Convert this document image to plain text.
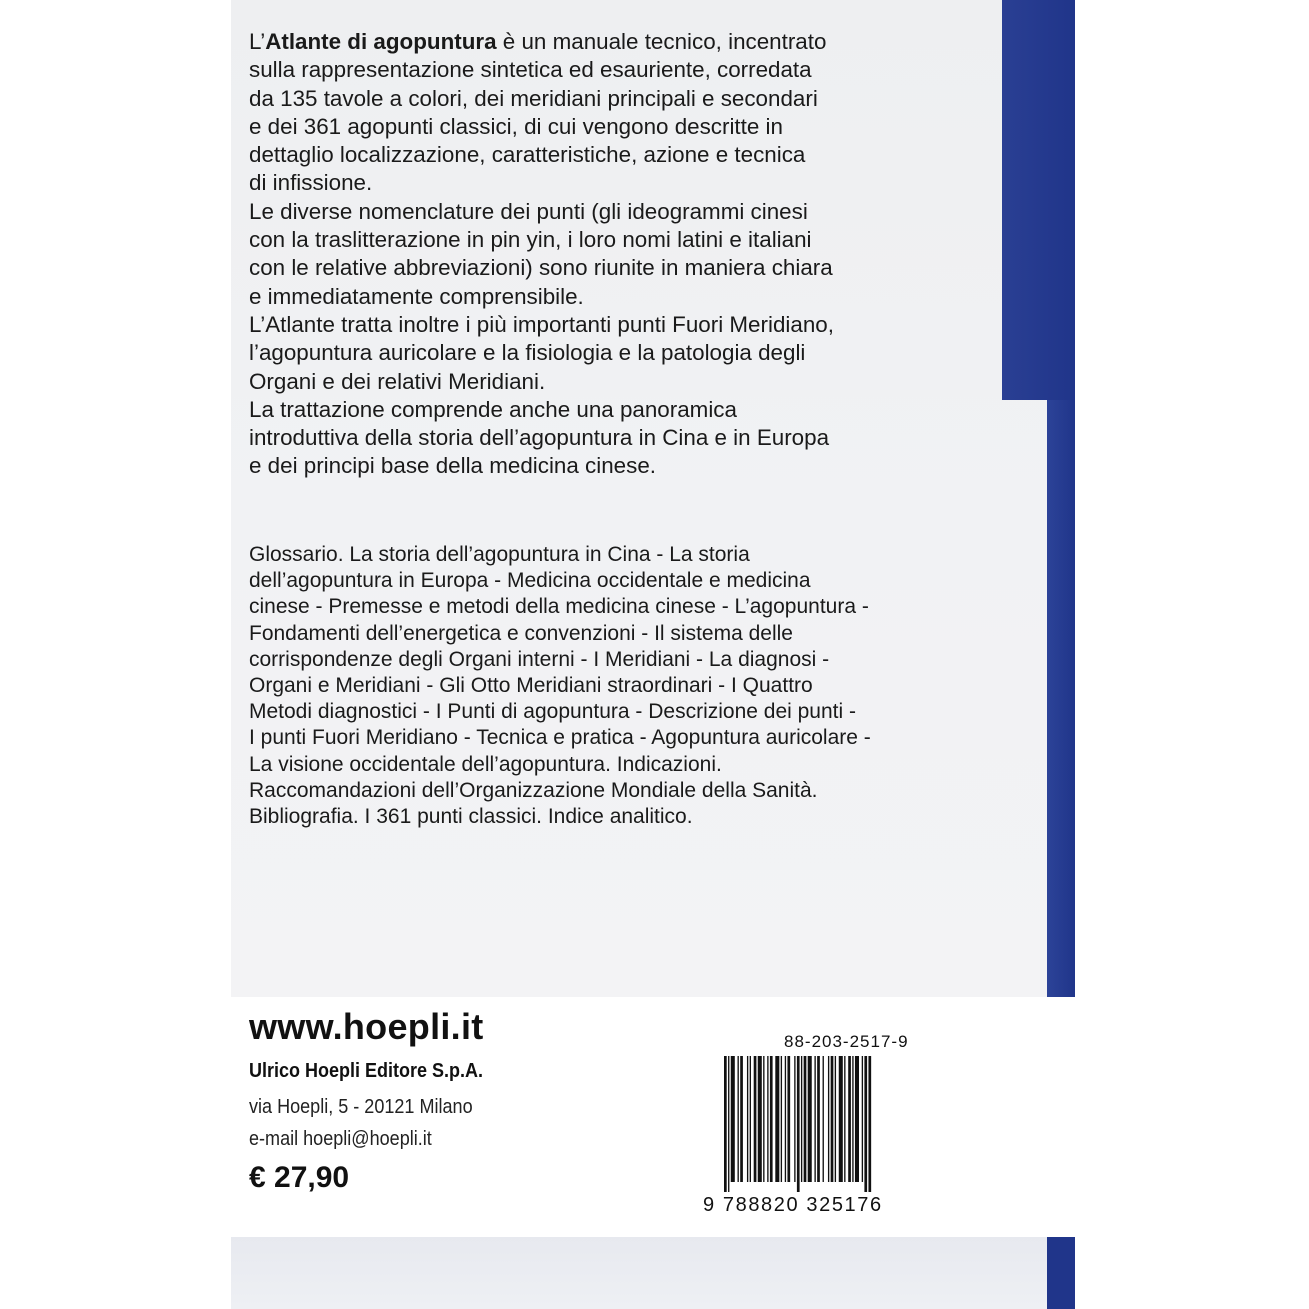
L’Atlante di agopuntura è un manuale tecnico, incentrato

sulla rappresentazione sintetica ed esauriente, corredata

da 135 tavole a colori, dei meridiani principali e secondari

e dei 361 agopunti classici, di cui vengono descritte in

dettaglio localizzazione, caratteristiche, azione e tecnica

di infissione.

Le diverse nomenclature dei punti (gli ideogrammi cinesi

con la traslitterazione in pin yin, i loro nomi latini e italiani

con le relative abbreviazioni) sono riunite in maniera chiara

e immediatamente comprensibile.

L’Atlante tratta inoltre i più importanti punti Fuori Meridiano,

l’agopuntura auricolare e la fisiologia e la patologia degli

Organi e dei relativi Meridiani.

La trattazione comprende anche una panoramica

introduttiva della storia dell’agopuntura in Cina e in Europa

e dei principi base della medicina cinese.

Glossario. La storia dell’agopuntura in Cina - La storia

dell’agopuntura in Europa - Medicina occidentale e medicina

cinese - Premesse e metodi della medicina cinese - L’agopuntura -

Fondamenti dell’energetica e convenzioni - Il sistema delle

corrispondenze degli Organi interni - I Meridiani - La diagnosi -

Organi e Meridiani - Gli Otto Meridiani straordinari - I Quattro

Metodi diagnostici - I Punti di agopuntura - Descrizione dei punti -

I punti Fuori Meridiano - Tecnica e pratica - Agopuntura auricolare -

La visione occidentale dell’agopuntura. Indicazioni.

Raccomandazioni dell’Organizzazione Mondiale della Sanità.

Bibliografia. I 361 punti classici. Indice analitico.

www.hoepli.it
Ulrico Hoepli Editore S.p.A.
via Hoepli, 5 - 20121 Milano
e-mail hoepli@hoepli.it
€ 27,90
88-203-2517-9
9 788820 325176
